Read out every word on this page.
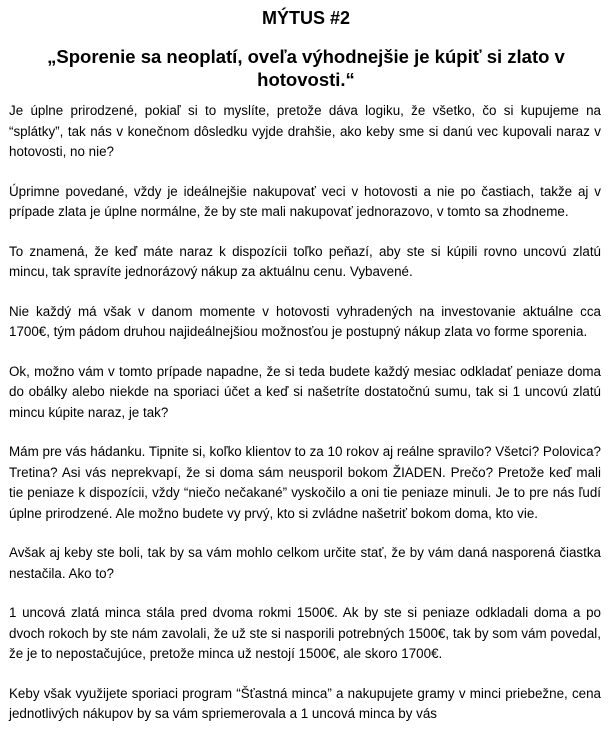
MÝTUS #2
„Sporenie sa neoplatí, oveľa výhodnejšie je kúpiť si zlato v hotovosti.“

Je úplne prirodzené, pokiaľ si to myslíte, pretože dáva logiku, že všetko, čo si kupujeme na “splátky”, tak nás v konečnom dôsledku vyjde drahšie, ako keby sme si danú vec kupovali naraz v hotovosti, no nie?

Úprimne povedané, vždy je ideálnejšie nakupovať veci v hotovosti a nie po častiach, takže aj v prípade zlata je úplne normálne, že by ste mali nakupovať jednorazovo, v tomto sa zhodneme.

To znamená, že keď máte naraz k dispozícii toľko peňazí, aby ste si kúpili rovno uncovú zlatú mincu, tak spravíte jednorázový nákup za aktuálnu cenu. Vybavené.

Nie každý má však v danom momente v hotovosti vyhradených na investovanie aktuálne cca 1700€, tým pádom druhou najideálnejšiou možnosťou je postupný nákup zlata vo forme sporenia.

Ok, možno vám v tomto prípade napadne, že si teda budete každý mesiac odkladať peniaze doma do obálky alebo niekde na sporiaci účet a keď si našetríte dostatočnú sumu, tak si 1 uncovú zlatú mincu kúpite naraz, je tak?

Mám pre vás hádanku. Tipnite si, koľko klientov to za 10 rokov aj reálne spravilo? Všetci? Polovica? Tretina? Asi vás neprekvapí, že si doma sám neusporil bokom ŽIADEN. Prečo? Pretože keď mali tie peniaze k dispozícii, vždy “niečo nečakané” vyskočilo a oni tie peniaze minuli. Je to pre nás ľudí úplne prirodzené. Ale možno budete vy prvý, kto si zvládne našetriť bokom doma, kto vie.

Avšak aj keby ste boli, tak by sa vám mohlo celkom určite stať, že by vám daná nasporená čiastka nestačila. Ako to?

1 uncová zlatá minca stála pred dvoma rokmi 1500€. Ak by ste si peniaze odkladali doma a po dvoch rokoch by ste nám zavolali, že už ste si nasporili potrebných 1500€, tak by som vám povedal, že je to nepostačujúce, pretože minca už nestojí 1500€, ale skoro 1700€.

Keby však využijete sporiaci program “Šťastná minca” a nakupujete gramy v minci priebežne, cena jednotlivých nákupov by sa vám spriemerovala a 1 uncová minca by vás
